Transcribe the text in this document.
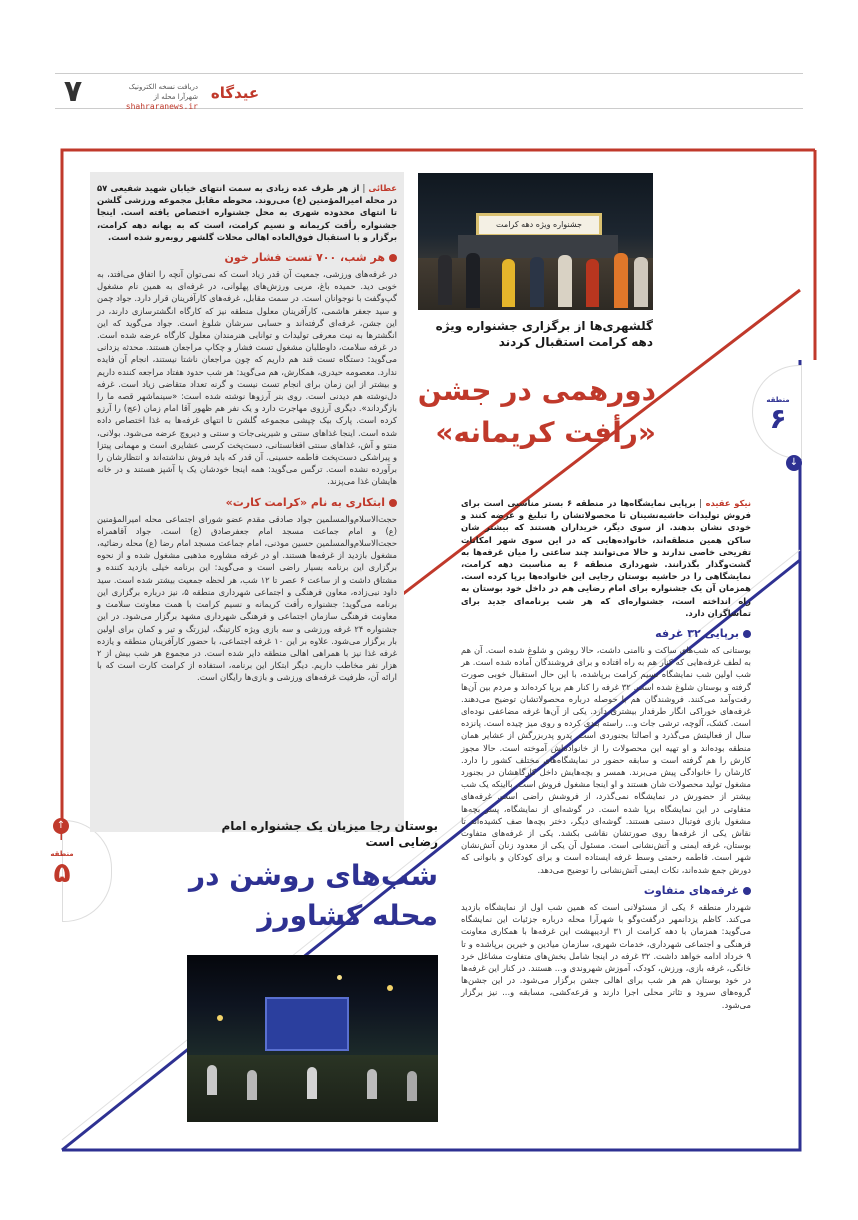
۷	دریافت نسخه الکترونیک شهرآرا محله از
shahraranews.ir
عیدگاه
منطقه
۶
↓
↑
منطقه
۵
جشنواره ویژه دهه کرامت
گلشهری‌ها از برگزاری جشنواره ویژه دهه کرامت استقبال کردند
دورهمی در جشن «رأفت کریمانه»

عطائی | از هر طرف عده زیادی به سمت انتهای خیابان شهید شفیعی ۵۷ در محله امیرالمؤمنین (ع) می‌روند. محوطه مقابل مجموعه ورزشی گلشن تا انتهای محدوده شهری به محل جشنواره اختصاص یافته است. اینجا جشنواره رأفت کریمانه و نسیم کرامت، است که به بهانه دهه کرامت، برگزار و با استقبال فوق‌العاده اهالی محلات گلشهر روبه‌رو شده است.

هر شب، ۷۰۰ تست فشار خون

در غرفه‌های ورزشی، جمعیت آن قدر زیاد است که نمی‌توان آنچه را اتفاق می‌افتد، به خوبی دید. حمیده باغ، مربی ورزش‌های پهلوانی، در غرفه‌ای به همین نام مشغول گپ‌وگفت با نوجوانان است. در سمت مقابل، غرفه‌های کارآفرینان قرار دارد. جواد چمن و سید جعفر هاشمی، کارآفرینان معلول منطقه نیز که کارگاه انگشترسازی دارند، در این جشن، غرفه‌ای گرفته‌اند و حسابی سرشان شلوغ است. جواد می‌گوید که این انگشترها به نیت معرفی تولیدات و توانایی هنرمندان معلول کارگاه عرضه شده است. در غرفه سلامت، داوطلبان مشغول تست فشار و چکاپ مراجعان هستند. محدثه یزدانی می‌گوید: دستگاه تست قند هم داریم که چون مراجعان ناشتا نیستند، انجام آن فایده ندارد. معصومه حیدری، همکارش، هم می‌گوید: هر شب حدود هفتاد مراجعه کننده داریم و بیشتر از این زمان برای انجام تست نیست و گرنه تعداد متقاضی زیاد است. غرفه دل‌نوشته هم دیدنی است. روی بنر آرزوها نوشته شده است: «سینماشهر قصه ما را بازگرداند». دیگری آرزوی مهاجرت دارد و یک نفر هم ظهور آقا امام زمان (عج) را آرزو کرده است. پارک بیک چپشی مجموعه گلشن تا انتهای غرفه‌ها به غذا اختصاص داده شده است. اینجا غذاهای سنتی و شیرینی‌جات و سنتی و دیروچ عرضه می‌شود. بولانی، منتو و آش، غذاهای سنتی افغانستانی، دست‌پخت کرسی عشایری است و مهمانی پیتزا و پیراشکی دست‌پخت فاطمه حسینی. آن قدر که باید فروش نداشته‌اند و انتظارشان را برآورده نشده است. ترگس می‌گوید: همه اینجا خودشان یک پا آشپز هستند و در خانه هایشان غذا می‌پزند.

ابتکاری به نام «کرامت کارت»

حجت‌الاسلام‌والمسلمین جواد صادقی مقدم عضو شورای اجتماعی محله امیرالمؤمنین (ع) و امام جماعت مسجد امام جعفرصادق (ع) است. جواد آقاهمراه حجت‌الاسلام‌والمسلمین حسین موذنی، امام جماعت مسجد امام رضا (ع) محله رضائیه، مشغول بازدید از غرفه‌ها هستند. او در غرفه مشاوره مذهبی مشغول شده و از نحوه برگزاری این برنامه بسیار راضی است و می‌گوید: این برنامه خیلی بازدید کننده و مشتاق داشت و از ساعت ۶ عصر تا ۱۲ شب، هر لحظه جمعیت بیشتر شده است. سید داود نبی‌زاده، معاون فرهنگی و اجتماعی شهرداری منطقه ۵، نیز درباره برگزاری این برنامه می‌گوید: جشنواره رأفت کریمانه و نسیم کرامت با همت معاونت سلامت و معاونت فرهنگی سازمان اجتماعی و فرهنگی شهرداری مشهد برگزار می‌شود. در این جشنواره ۲۴ غرفه ورزشی و سه بازی ویژه کارتینگ، لیزرتگ و تیر و کمان برای اولین بار برگزار می‌شود. علاوه بر این ۱۰ غرفه اجتماعی، با حضور کارآفرینان منطقه و یازده غرفه غذا نیز با همراهی اهالی منطقه دایر شده است. در مجموع هر شب بیش از ۲ هزار نفر مخاطب داریم. دیگر ابتکار این برنامه، استفاده از کرامت کارت است که با ارائه آن، ظرفیت غرفه‌های ورزشی و بازی‌ها رایگان است.

نیکو عقیده | برپایی نمایشگاه‌ها در منطقه ۶ بستر مناسبی است برای فروش تولیدات حاشیه‌نشینان تا محصولاتشان را تبلیغ و عرضه کنند و خودی نشان بدهند. از سوی دیگر، خریداران هستند که بیشتر شان ساکن همین منطقه‌اند، خانواده‌هایی که در این سوی شهر امکانات تفریحی خاصی ندارند و حالا می‌توانند چند ساعتی را میان غرفه‌ها به گشت‌وگذار بگذرانند. شهرداری منطقه ۶ به مناسبت دهه کرامت، نمایشگاهی را در حاشیه بوستان رجایی این خانواده‌ها برپا کرده است. همزمان آن یک جشنواره برای امام رضایی هم در داخل خود بوستان به راه انداخته است، جشنواره‌ای که هر شب برنامه‌ای جدید برای تماشاگران دارد.

برپایی ۳۲ غرفه

بوستانی که شب‌های ساکت و ناامنی داشت، حالا روشن و شلوغ شده است. آن هم به لطف غرفه‌هایی که کنار هم به راه افتاده و برای فروشندگان آماده شده است. هر شب اولین شب نمایشگاه نسیم کرامت برپاشده، با این حال استقبال خوبی صورت گرفته و بوستان شلوغ شده است. ۳۲ غرفه را کنار هم برپا کرده‌اند و مردم بین آن‌ها رفت‌وآمد می‌کنند. فروشندگان هم با حوصله درباره محصولاتشان توضیح می‌دهند. غرفه‌های خوراکی انگار طرفدار بیشتری دارد. یکی از آن‌ها غرفه مضاعفی نوده‌ای است. کشک، آلوچه، ترشی جات و... راسته بندی کرده و روی میز چیده است. پانزده سال از فعالیتش می‌گذرد و اصالتا بجنوردی است. پدرو پدربزرگش از عشایر همان منطقه بوده‌اند و او تهیه این محصولات را از خانواده‌اش آموخته است. حالا مجوز کارش را هم گرفته است و سابقه حضور در نمایشگاه‌های مختلف کشور را دارد. کارشان را خانوادگی پیش می‌برند. همسر و بچه‌هایش داخل کارگاهشان در بجنورد مشغول تولید محصولات شان هستند و او اینجا مشغول فروش است. بااینکه یک شب بیشتر از حضورش در نمایشگاه نمی‌گذرد، از فروشش راضی است. غرفه‌های متفاوتی در این نمایشگاه برپا شده است. در گوشه‌ای از نمایشگاه، پسر بچه‌ها مشغول بازی فوتبال دستی هستند. گوشه‌ای دیگر، دختر بچه‌ها صف کشیده‌اند تا نقاش یکی از غرفه‌ها روی صورتشان نقاشی بکشد. یکی از غرفه‌های متفاوت بوستان، غرفه ایمنی و آتش‌نشانی است. مسئول آن یکی از معدود زنان آتش‌نشان شهر است. فاطمه رحمتی وسط غرفه ایستاده است و برای کودکان و بانوانی که دورش جمع شده‌اند، نکات ایمنی آتش‌نشانی را توضیح می‌دهد.

غرفه‌های متفاوت

شهردار منطقه ۶ یکی از مسئولانی است که همین شب اول از نمایشگاه بازدید می‌کند. کاظم یزدانمهر درگفت‌وگو با شهرآرا محله درباره جزئیات این نمایشگاه می‌گوید: همزمان با دهه کرامت از ۳۱ اردیبهشت این غرفه‌ها با همکاری معاونت فرهنگی و اجتماعی شهرداری، خدمات شهری، سازمان میادین و خیرین برپاشده و تا ۹ خرداد ادامه خواهد داشت. ۳۲ غرفه در اینجا شامل بخش‌های متفاوت مشاغل خرد خانگی، غرفه بازی، ورزش، کودک، آموزش شهروندی و... هستند. در کنار این غرفه‌ها در خود بوستان هم هر شب برای اهالی جشن برگزار می‌شود. در این جشن‌ها گروه‌های سرود و تئاتر محلی اجرا دارند و قرعه‌کشی، مسابقه و... نیز برگزار می‌شود.

بوستان رجا میزبان یک جشنواره امام رضایی است
شب‌های روشن در محله کشاورز
